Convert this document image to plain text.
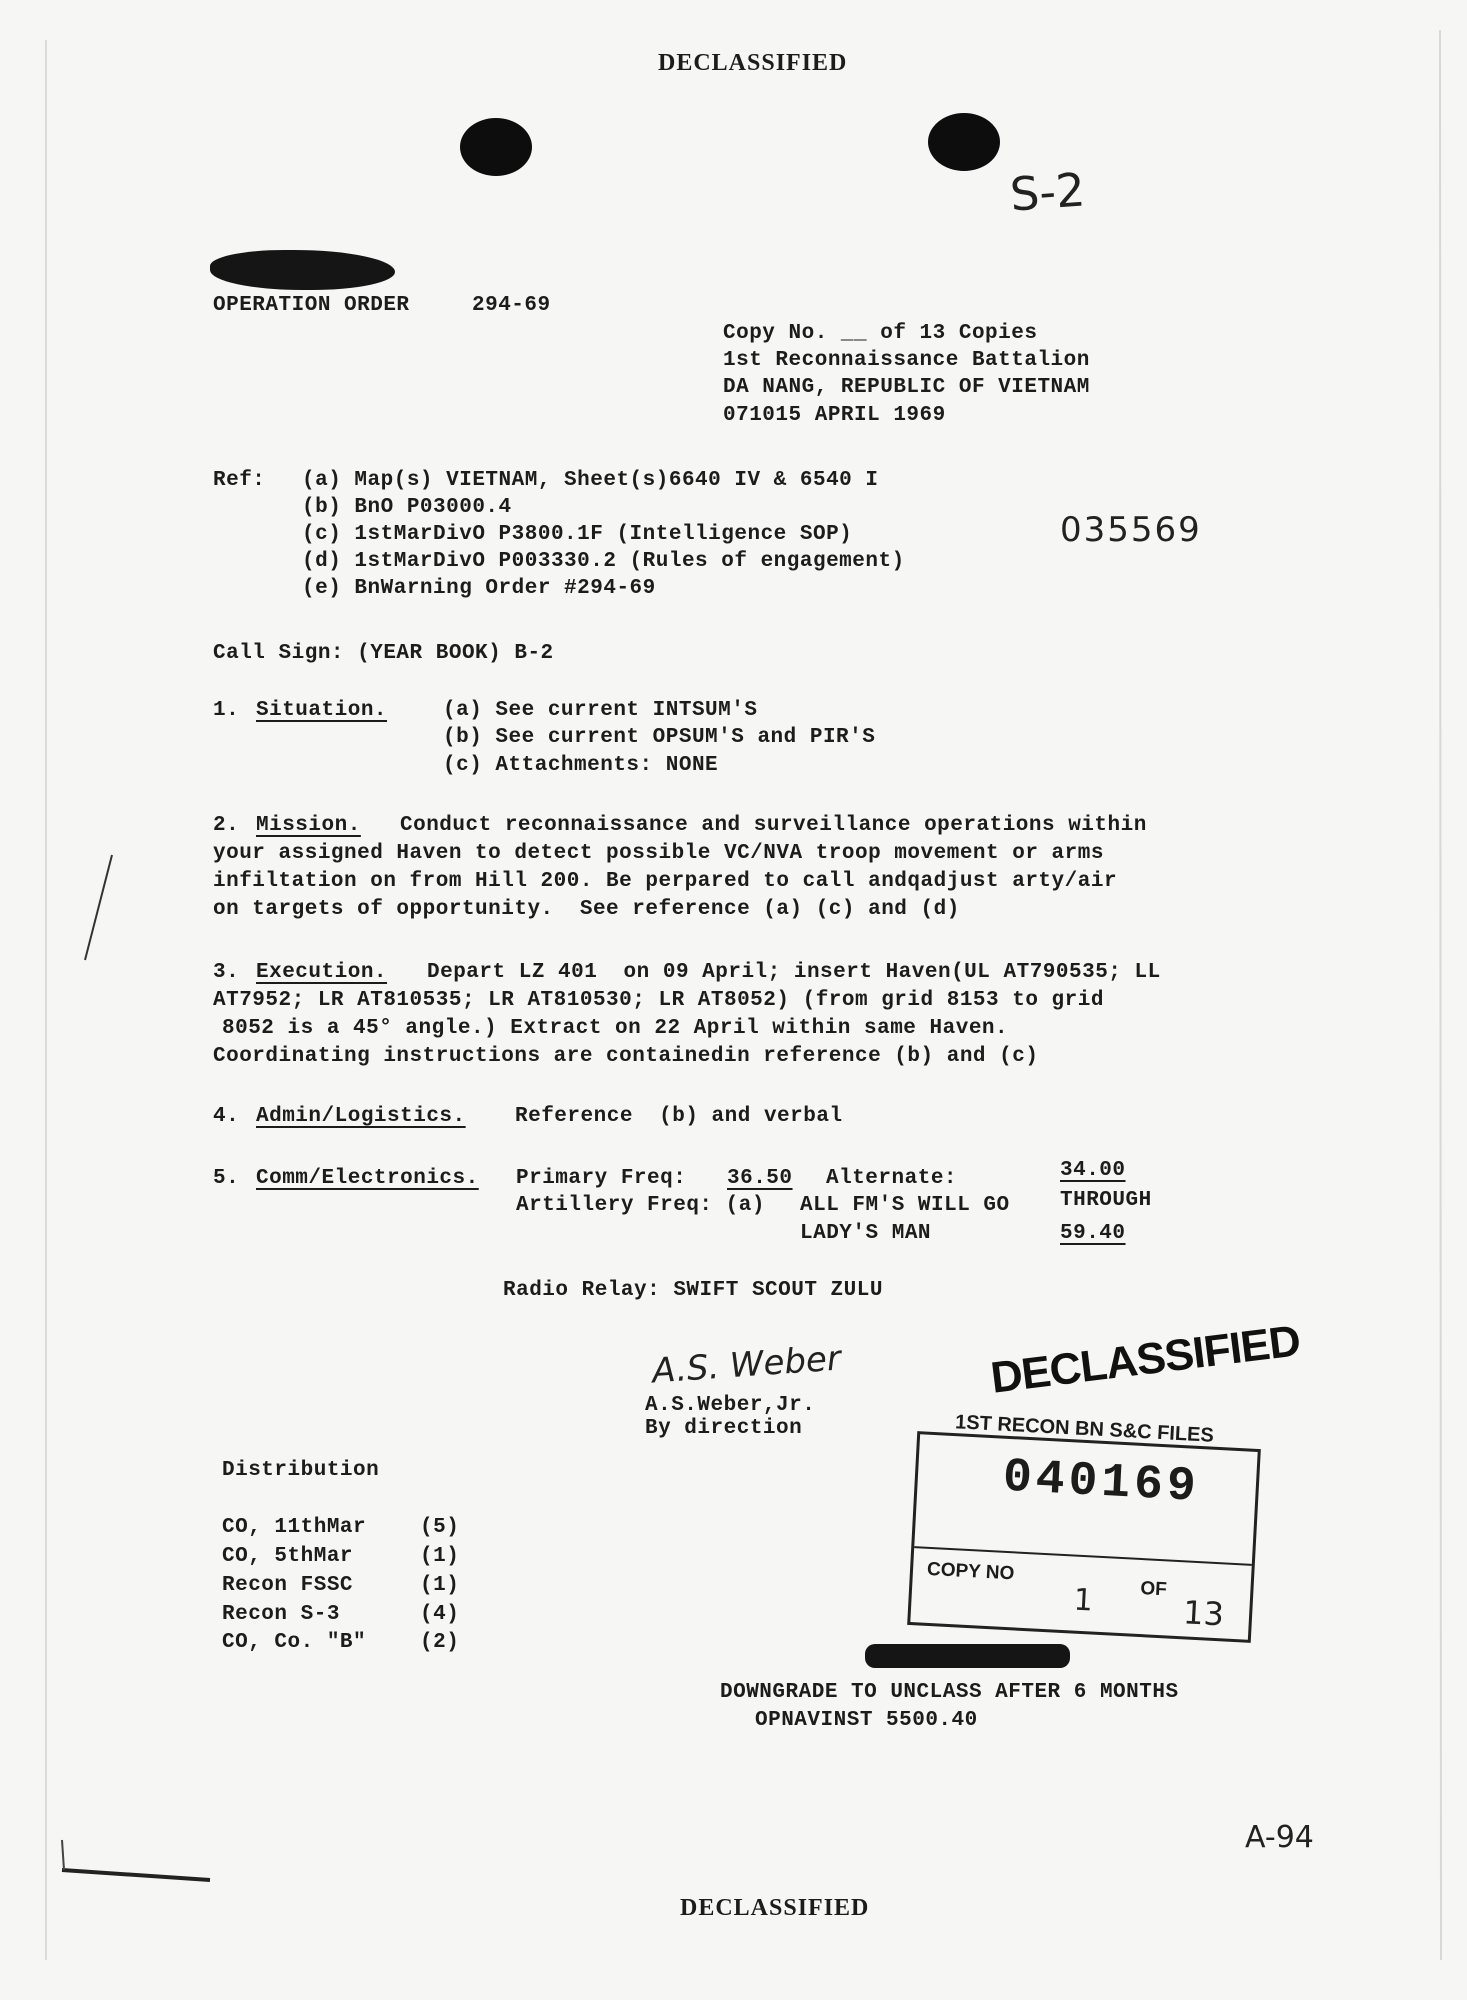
DECLASSIFIED
DECLASSIFIED
S-2
OPERATION ORDER	294-69
Copy No. __ of 13 Copies
1st Reconnaissance Battalion
DA NANG, REPUBLIC OF VIETNAM
071015 APRIL 1969
Ref: (a) Map(s) VIETNAM, Sheet(s)6640 IV & 6540 I
(b) BnO P03000.4
(c) 1stMarDivO P3800.1F (Intelligence SOP)
(d) 1stMarDivO P003330.2 (Rules of engagement)
(e) BnWarning Order #294-69
035569
Call Sign: (YEAR BOOK) B-2
1. Situation.	(a) See current INTSUM'S
(b) See current OPSUM'S and PIR'S
(c) Attachments: NONE
2. Mission. Conduct reconnaissance and surveillance operations within
your assigned Haven to detect possible VC/NVA troop movement or arms
infiltation on from Hill 200. Be perpared to call andqadjust arty/air
on targets of opportunity.  See reference (a) (c) and (d)
3. Execution. Depart LZ 401  on 09 April; insert Haven(UL AT790535; LL
AT7952; LR AT810535; LR AT810530; LR AT8052) (from grid 8153 to grid
8052 is a 45° angle.) Extract on 22 April within same Haven.
Coordinating instructions are containedin reference (b) and (c)
4. Admin/Logistics. Reference  (b) and verbal
5. Comm/Electronics. Primary Freq: 36.50 Alternate:	34.00
Artillery Freq: (a) ALL FM'S WILL GO THROUGH
LADY'S MAN	59.40
Radio Relay: SWIFT SCOUT ZULU
A.S. Weber
A.S.Weber,Jr.
By direction
DECLASSIFIED
1ST RECON BN S&C FILES
040169
COPY NO
OF
1	13
Distribution
CO, 11thMar	(5)
CO, 5thMar	(1)
Recon FSSC	(1)
Recon S-3	(4)
CO, Co. "B"	(2)
DOWNGRADE TO UNCLASS AFTER 6 MONTHS
OPNAVINST 5500.40
A-94
